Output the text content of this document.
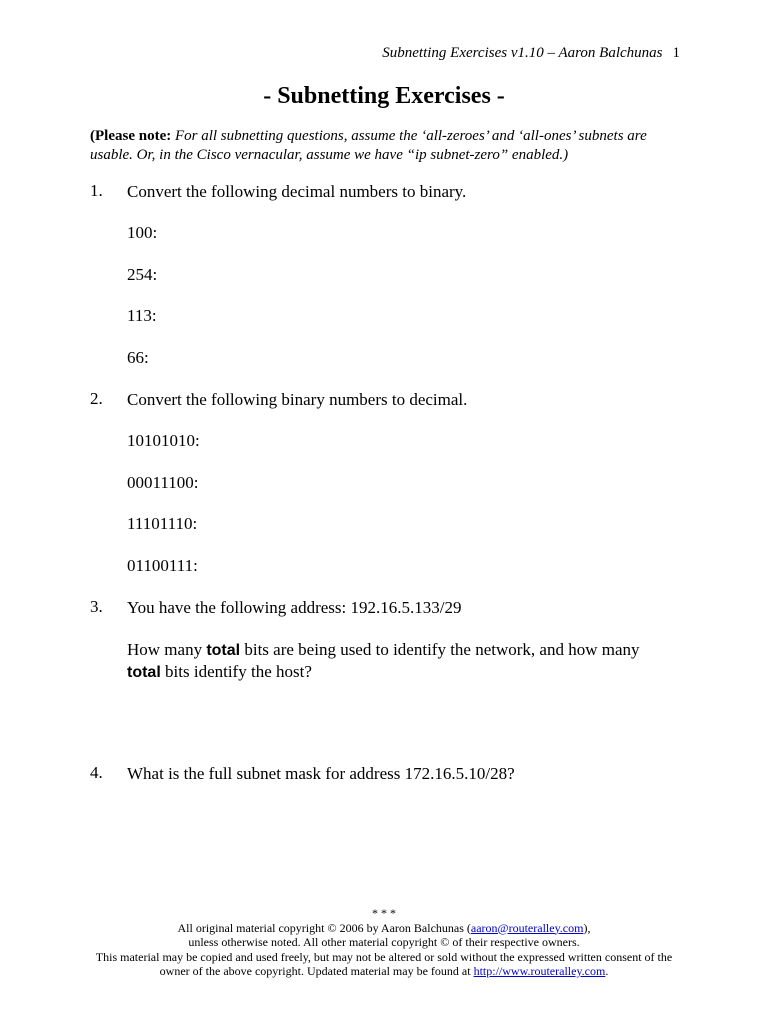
Subnetting Exercises v1.10 – Aaron Balchunas 1
- Subnetting Exercises -
(Please note: For all subnetting questions, assume the ‘all-zeroes’ and ‘all-ones’ subnets are usable. Or, in the Cisco vernacular, assume we have “ip subnet-zero” enabled.)
1. Convert the following decimal numbers to binary.
100:
254:
113:
66:
2. Convert the following binary numbers to decimal.
10101010:
00011100:
11101110:
01100111:
3. You have the following address: 192.16.5.133/29
How many total bits are being used to identify the network, and how many
total bits identify the host?
4. What is the full subnet mask for address 172.16.5.10/28?
* * *
All original material copyright © 2006 by Aaron Balchunas (aaron@routeralley.com),
unless otherwise noted. All other material copyright © of their respective owners.
This material may be copied and used freely, but may not be altered or sold without the expressed written consent of the
owner of the above copyright. Updated material may be found at http://www.routeralley.com.
